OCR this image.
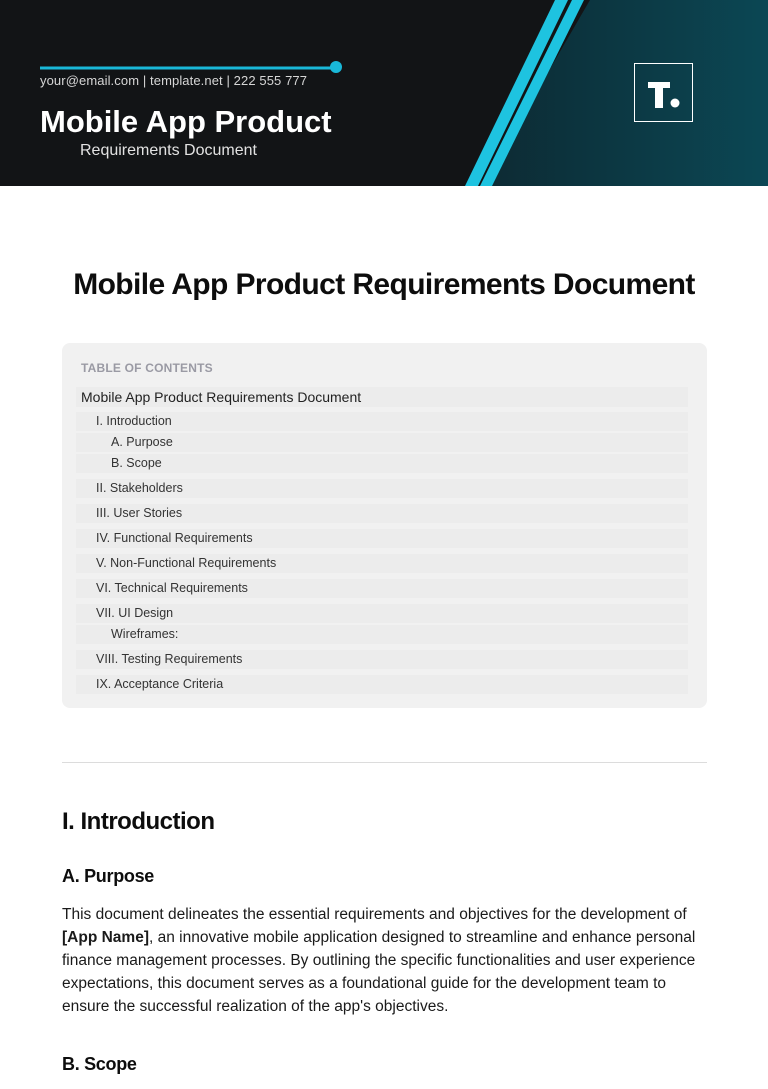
your@email.com | template.net | 222 555 777
Mobile App Product
Requirements Document
Mobile App Product Requirements Document
TABLE OF CONTENTS
Mobile App Product Requirements Document
I. Introduction
A. Purpose
B. Scope
II. Stakeholders
III. User Stories
IV. Functional Requirements
V. Non-Functional Requirements
VI. Technical Requirements
VII. UI Design
Wireframes:
VIII. Testing Requirements
IX. Acceptance Criteria
I. Introduction
A. Purpose
This document delineates the essential requirements and objectives for the development of [App Name], an innovative mobile application designed to streamline and enhance personal finance management processes. By outlining the specific functionalities and user experience expectations, this document serves as a foundational guide for the development team to ensure the successful realization of the app's objectives.
B. Scope
